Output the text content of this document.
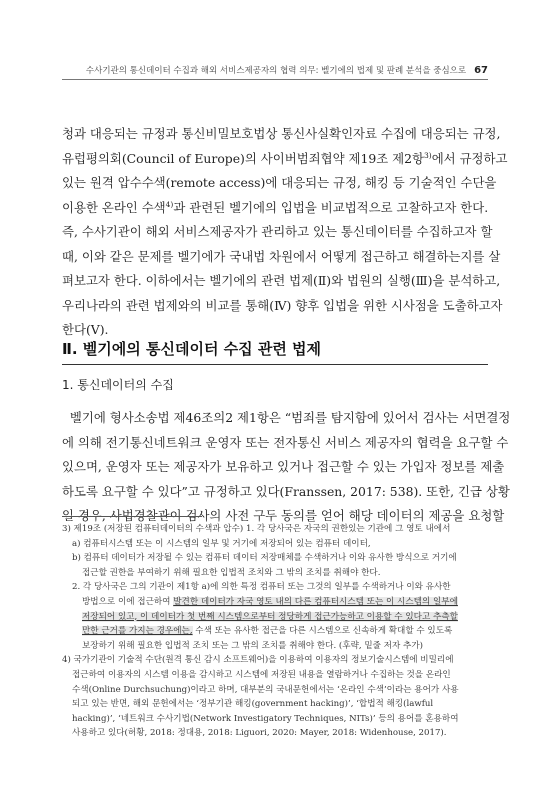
수사기관의 통신데이터 수집과 해외 서비스제공자의 협력 의무: 벨기에의 법제 및 판례 분석을 중심으로 67
청과 대응되는 규정과 통신비밀보호법상 통신사실확인자료 수집에 대응되는 규정,
유럽평의회(Council of Europe)의 사이버범죄협약 제19조 제2항$^{3)}$에서 규정하고
있는 원격 압수수색(remote access)에 대응되는 규정, 해킹 등 기술적인 수단을
이용한 온라인 수색$^{4)}$과 관련된 벨기에의 입법을 비교법적으로 고찰하고자 한다.
즉, 수사기관이 해외 서비스제공자가 관리하고 있는 통신데이터를 수집하고자 할
때, 이와 같은 문제를 벨기에가 국내법 차원에서 어떻게 접근하고 해결하는지를 살
펴보고자 한다. 이하에서는 벨기에의 관련 법제(Ⅱ)와 법원의 실행(Ⅲ)을 분석하고,
우리나라의 관련 법제와의 비교를 통해(Ⅳ) 향후 입법을 위한 시사점을 도출하고자
한다(Ⅴ).
Ⅱ. 벨기에의 통신데이터 수집 관련 법제
1. 통신데이터의 수집
벨기에 형사소송법 제46조의2 제1항은 “범죄를 탐지함에 있어서 검사는 서면결정
에 의해 전기통신네트워크 운영자 또는 전자통신 서비스 제공자의 협력을 요구할 수
있으며, 운영자 또는 제공자가 보유하고 있거나 접근할 수 있는 가입자 정보를 제출
하도록 요구할 수 있다”고 규정하고 있다(Franssen, 2017: 538). 또한, 긴급 상황
일 경우, 사법경찰관이 검사의 사전 구두 동의를 얻어 해당 데이터의 제공을 요청할
3) 제19조 (저장된 컴퓨터데이터의 수색과 압수) 1. 각 당사국은 자국의 권한있는 기관에 그 영토 내에서
a) 컴퓨터시스템 또는 이 시스템의 일부 및 거기에 저장되어 있는 컴퓨터 데이터,
b) 컴퓨터 데이터가 저장될 수 있는 컴퓨터 데이터 저장매체를 수색하거나 이와 유사한 방식으로 거기에
접근할 권한을 부여하기 위해 필요한 입법적 조치와 그 밖의 조치를 취해야 한다.
2. 각 당사국은 그의 기관이 제1항 a)에 의한 특정 컴퓨터 또는 그것의 일부를 수색하거나 이와 유사한
방법으로 이에 접근하여 발견한 데이터가 자국 영토 내의 다른 컴퓨터시스템 또는 이 시스템의 일부에
저장되어 있고, 이 데이터가 첫 번째 시스템으로부터 정당하게 접근가능하고 이용할 수 있다고 추측할
만한 근거를 가지는 경우에는, 수색 또는 유사한 접근을 다른 시스템으로 신속하게 확대할 수 있도록
보장하기 위해 필요한 입법적 조치 또는 그 밖의 조치를 취해야 한다. (후략, 밑줄 저자 추가)
4) 국가기관이 기술적 수단(원격 통신 감시 소프트웨어)을 이용하여 이용자의 정보기술시스템에 비밀리에
접근하여 이용자의 시스템 이용을 감시하고 시스템에 저장된 내용을 열람하거나 수집하는 것을 온라인
수색(Online Durchsuchung)이라고 하며, 대부분의 국내문헌에서는 ‘온라인 수색’이라는 용어가 사용
되고 있는 반면, 해외 문헌에서는 ‘정부기관 해킹(government hacking)’, ‘합법적 해킹(lawful
hacking)’, ‘네트워크 수사기법(Network Investigatory Techniques, NITs)’ 등의 용어를 혼용하여
사용하고 있다(허황, 2018: 정대용, 2018: Liguori, 2020: Mayer, 2018: Widenhouse, 2017).
